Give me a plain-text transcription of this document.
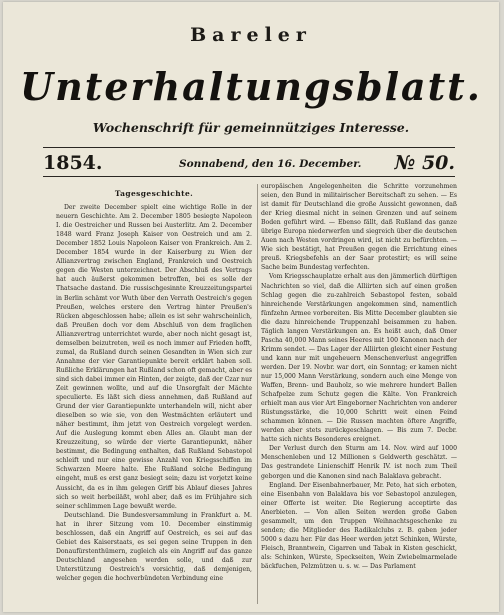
Bareler
Unterhaltungsblatt.
Wochenschrift für gemeinnütziges Interesse.
1854.	Sonnabend, den 16. December. № 50.
Tagesgeschichte.

Der zweite December spielt eine wichtige Rolle in der neuern Geschichte. Am 2. December 1805 besiegte Napoleon I. die Oestreicher und Russen bei Austerlitz. Am 2. December 1848 ward Franz Joseph Kaiser von Oestreich und am 2. December 1852 Louis Napoleon Kaiser von Frankreich. Am 2. December 1854 wurde in der Kaiserburg zu Wien der Allianzvertrag zwischen England, Frankreich und Oestreich gegen die Westen unterzeichnet. Der Abschluß des Vertrags hat auch äußerst gekommen betroffen, bei es solle der Thatsache dastand. Die russischgesinnte Kreuzzeitungspartei in Berlin schämt vor Wuth über den Verrath Oestreich's gegen Preußen, welches erstere den Vertrag hinter Preußen's Rücken abgeschlossen habe; allein es ist sehr wahrscheinlich, daß Preußen doch vor dem Abschluß von dem fraglichen Allianzvertrag unterrichtet wurde, aber noch nicht gesagt ist, demselben beizutreten, weil es noch immer auf Frieden hofft, zumal, da Rußland durch seinen Gesandten in Wien sich zur Annahme der vier Garantiepunkte bereit erklärt haben soll. Rußliche Erklärungen hat Rußland schon oft gemacht, aber es sind sich dabei immer ein Hinten, der zeigte, daß der Czar nur Zeit gewinnen wollte, und auf die Unsorgfalt der Mächte speculierte. Es läßt sich diess annehmen, daß Rußland auf Grund der vier Garantiepunkte unterhandeln will, nicht aber dieselben so wie sie, von den Westmächten erläutert und näher bestimmt, ihm jetzt von Oestreich vorgelegt werden. Auf die Auslegung kommt eben Alles an. Glaubt man der Kreuzzeitung, so würde der vierte Garantiepunkt, näher bestimmt, die Bedingung enthalten, daß Rußland Sebastopol schleift und nur eine gewisse Anzahl von Kriegsschiffen im Schwarzen Meere halte. Ehe Rußland solche Bedingung eingeht, muß es erst ganz besiegt sein; dazu ist vorjetzt keine Aussicht, da es in ihm gelegen Griff bis Ablauf dieses Jahres sich so weit herbeiläßt, wohl aber, daß es im Frühjahre sich seiner schlimmen Lage bewußt werde.

Deutschland. Die Bundesversammlung in Frankfurt a. M. hat in ihrer Sitzung vom 10. December einstimmig beschlossen, daß ein Angriff auf Oestreich, es sei auf das Gebiet des Kaiserstaats, es sei gegen seine Truppen in den Donaufürstenthümern, zugleich als ein Angriff auf das ganze Deutschland angesehen werden solle, und daß zur Unterstützung Oestreich's vorsichtig, daß demjenigen, welcher gegen die hochverbündeten Verbindung eine

europäischen Angelegenheiten die Schritte vorzunehmen seien, den Bund in militairischer Bereitschaft zu sehen. — Es ist damit für Deutschland die große Aussicht gewonnen, daß der Krieg diesmal nicht in seinen Grenzen und auf seinem Boden geführt wird. — Ebenso fällt, daß Rußland das ganze übrige Europa niederwerfen und siegreich über die deutschen Auen nach Westen vordringen wird, ist nicht zu befürchten. — Wie sich bestätigt, hat Preußen gegen die Errichtung eines preuß. Kriegsbefehls an der Saar protestirt; es will seine Sache beim Bundestag verfechten.

Vom Kriegsschauplatze erhalt aus den jämmerlich dürftigen Nachrichten so viel, daß die Alliirten sich auf einen großen Schlag gegen die zu-zahlreich Sebastopol festen, sobald hinreichende Verstärkungen angekommen sind, namentlich fünfzehn Armee vorbereiten. Bis Mitte December glaubten sie die dazu hinreichende Truppenzahl beisammen zu haben. Täglich langen Verstärkungen an. Es heißt auch, daß Omer Pascha 40,000 Mann seines Heeres mit 100 Kanonen nach der Krimm sendet. — Das Lager der Alliirten gleicht einer Festung und kann nur mit ungeheuern Menschenverlust angegriffen werden. Der 19. Novbr. war dort, ein Sonntag; er kamen nicht nur 15,000 Mann Verstärkung, sondern auch eine Menge von Waffen, Brenn- und Bauholz, so wie mehrere hundert Ballen Schafpelze zum Schutz gegen die Kälte. Von Frankreich erhielt man aus vier Art Eingeborner Nachrichten von anderer Rüstungsstärke, die 10,000 Schritt weit einen Feind schammen können. — Die Russen machten öftere Angriffe, werden aber stets zurückgeschlagen. — Bis zum 7. Decbr. hatte sich nichts Besonderes ereignet.

Der Verlust durch den Sturm am 14. Nov. wird auf 1000 Menschenleben und 12 Millionen s Geldwerth geschätzt. — Das gestrandete Linienschiff Henrik IV. ist noch zum Theil geborgen und die Kanonen sind nach Balaklava gebracht.

England. Der Eisenbahnerbauer, Mr. Peto, hat sich erboten, eine Eisenbahn von Balaklava bis vor Sebastopol anzulegen, einer Offerte ist weiter. Die Regierung acceptirte das Anerbieten. — Von allen Seiten werden große Gaben gesammelt, um den Truppen Weihnachtsgeschenke zu senden; die Mitglieder des Radikalclubs z. B. gaben jeder 5000 s dazu her. Für das Heer werden jetzt Schinken, Würste, Fleisch, Branntwein, Cigarren und Tabak in Kisten geschickt, als: Schinken, Würste, Speckseiten, Wein Zwiebelmarmelade bäckfuchen, Pelzmützen u. s. w. — Das Parlament
